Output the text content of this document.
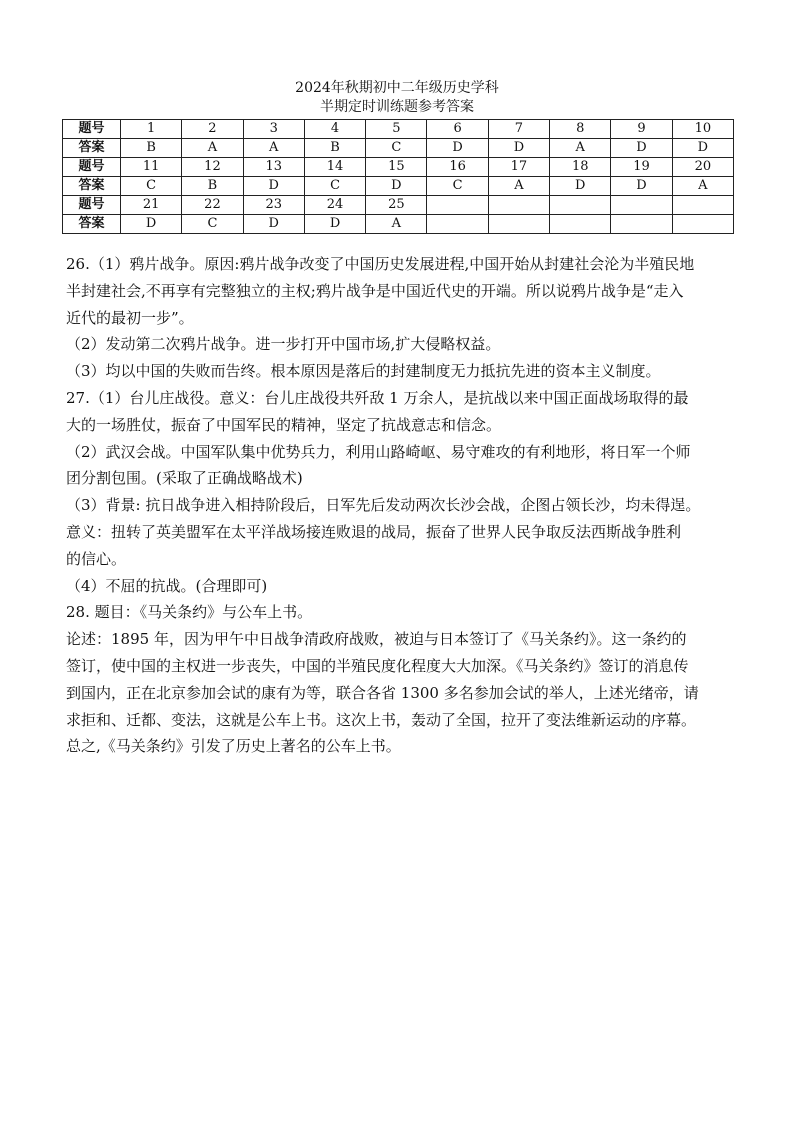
2024年秋期初中二年级历史学科
半期定时训练题参考答案
题号	1	2	3	4	5	6	7	8	9	10
答案	B	A	A	B	C	D	D	A	D	D
题号	11	12	13	14	15	16	17	18	19	20
答案	C	B	D	C	D	C	A	D	D	A
题号	21	22	23	24	25					
答案	D	C	D	D	A					

26.（1）鸦片战争。原因:鸦片战争改变了中国历史发展进程,中国开始从封建社会沦为半殖民地

半封建社会,不再享有完整独立的主权;鸦片战争是中国近代史的开端。所以说鸦片战争是“走入

近代的最初一步”。

（2）发动第二次鸦片战争。进一步打开中国市场,扩大侵略权益。

（3）均以中国的失败而告终。根本原因是落后的封建制度无力抵抗先进的资本主义制度。

27.（1）台儿庄战役。意义：台儿庄战役共歼敌 1 万余人，是抗战以来中国正面战场取得的最

大的一场胜仗，振奋了中国军民的精神，坚定了抗战意志和信念。

（2）武汉会战。中国军队集中优势兵力，利用山路崎岖、易守难攻的有利地形，将日军一个师

团分割包围。(采取了正确战略战术)

（3）背景: 抗日战争进入相持阶段后，日军先后发动两次长沙会战，企图占领长沙，均未得逞。

意义：扭转了英美盟军在太平洋战场接连败退的战局，振奋了世界人民争取反法西斯战争胜利

的信心。

（4）不屈的抗战。(合理即可)

28. 题目：《马关条约》与公车上书。

论述：1895 年，因为甲午中日战争清政府战败，被迫与日本签订了《马关条约》。这一条约的

签订，使中国的主权进一步丧失，中国的半殖民度化程度大大加深。《马关条约》签订的消息传

到国内，正在北京参加会试的康有为等，联合各省 1300 多名参加会试的举人，上述光绪帝，请

求拒和、迁都、变法，这就是公车上书。这次上书，轰动了全国，拉开了变法维新运动的序幕。

总之,《马关条约》引发了历史上著名的公车上书。
